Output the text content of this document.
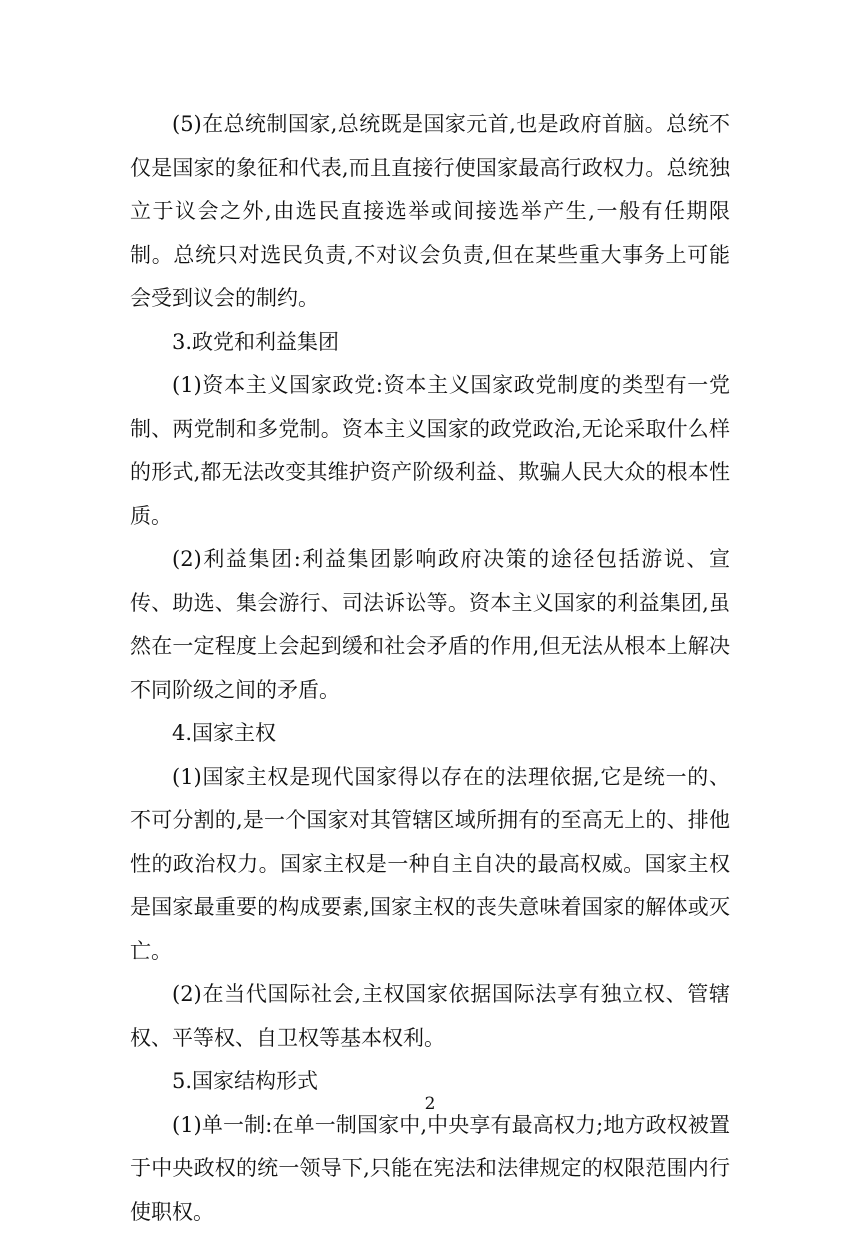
(5)在总统制国家,总统既是国家元首,也是政府首脑。总统不仅是国家的象征和代表,而且直接行使国家最高行政权力。总统独立于议会之外,由选民直接选举或间接选举产生,一般有任期限制。总统只对选民负责,不对议会负责,但在某些重大事务上可能会受到议会的制约。

3.政党和利益集团

(1)资本主义国家政党:资本主义国家政党制度的类型有一党制、两党制和多党制。资本主义国家的政党政治,无论采取什么样的形式,都无法改变其维护资产阶级利益、欺骗人民大众的根本性质。

(2)利益集团:利益集团影响政府决策的途径包括游说、宣传、助选、集会游行、司法诉讼等。资本主义国家的利益集团,虽然在一定程度上会起到缓和社会矛盾的作用,但无法从根本上解决不同阶级之间的矛盾。

4.国家主权

(1)国家主权是现代国家得以存在的法理依据,它是统一的、不可分割的,是一个国家对其管辖区域所拥有的至高无上的、排他性的政治权力。国家主权是一种自主自决的最高权威。国家主权是国家最重要的构成要素,国家主权的丧失意味着国家的解体或灭亡。

(2)在当代国际社会,主权国家依据国际法享有独立权、管辖权、平等权、自卫权等基本权利。

5.国家结构形式

(1)单一制:在单一制国家中,中央享有最高权力;地方政权被置于中央政权的统一领导下,只能在宪法和法律规定的权限范围内行使职权。

2
